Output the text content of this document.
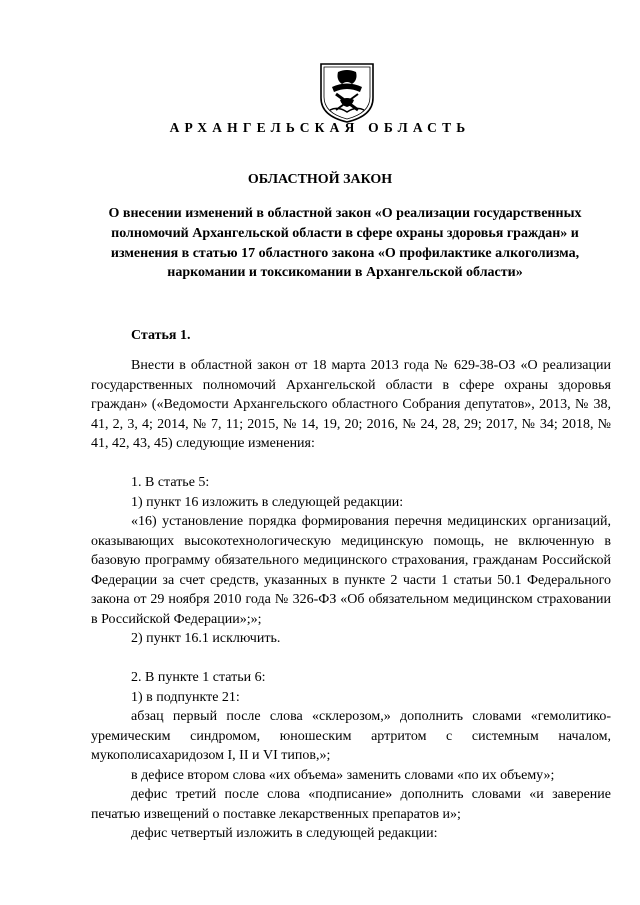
АРХАНГЕЛЬСКАЯ ОБЛАСТЬ
ОБЛАСТНОЙ ЗАКОН
О внесении изменений в областной закон «О реализации государственных полномочий Архангельской области в сфере охраны здоровья граждан» и изменения в статью 17 областного закона «О профилактике алкоголизма, наркомании и токсикомании в Архангельской области»
Статья 1.

Внести в областной закон от 18 марта 2013 года № 629-38-ОЗ «О реализации государственных полномочий Архангельской области в сфере охраны здоровья граждан» («Ведомости Архангельского областного Собрания депутатов», 2013, № 38, 41, 2, 3, 4; 2014, № 7, 11; 2015, № 14, 19, 20; 2016, № 24, 28, 29; 2017, № 34; 2018, № 41, 42, 43, 45) следующие изменения:

1. В статье 5:

1) пункт 16 изложить в следующей редакции:

«16) установление порядка формирования перечня медицинских организаций, оказывающих высокотехнологическую медицинскую помощь, не включенную в базовую программу обязательного медицинского страхования, гражданам Российской Федерации за счет средств, указанных в пункте 2 части 1 статьи 50.1 Федерального закона от 29 ноября 2010 года № 326-ФЗ «Об обязательном медицинском страховании в Российской Федерации»;»;

2) пункт 16.1 исключить.

2. В пункте 1 статьи 6:

1) в подпункте 21:

абзац первый после слова «склерозом,» дополнить словами «гемолитико-уремическим синдромом, юношеским артритом с системным началом, мукополисахаридозом I, II и VI типов,»;

в дефисе втором слова «их объема» заменить словами «по их объему»;

дефис третий после слова «подписание» дополнить словами «и заверение печатью извещений о поставке лекарственных препаратов и»;

дефис четвертый изложить в следующей редакции:
